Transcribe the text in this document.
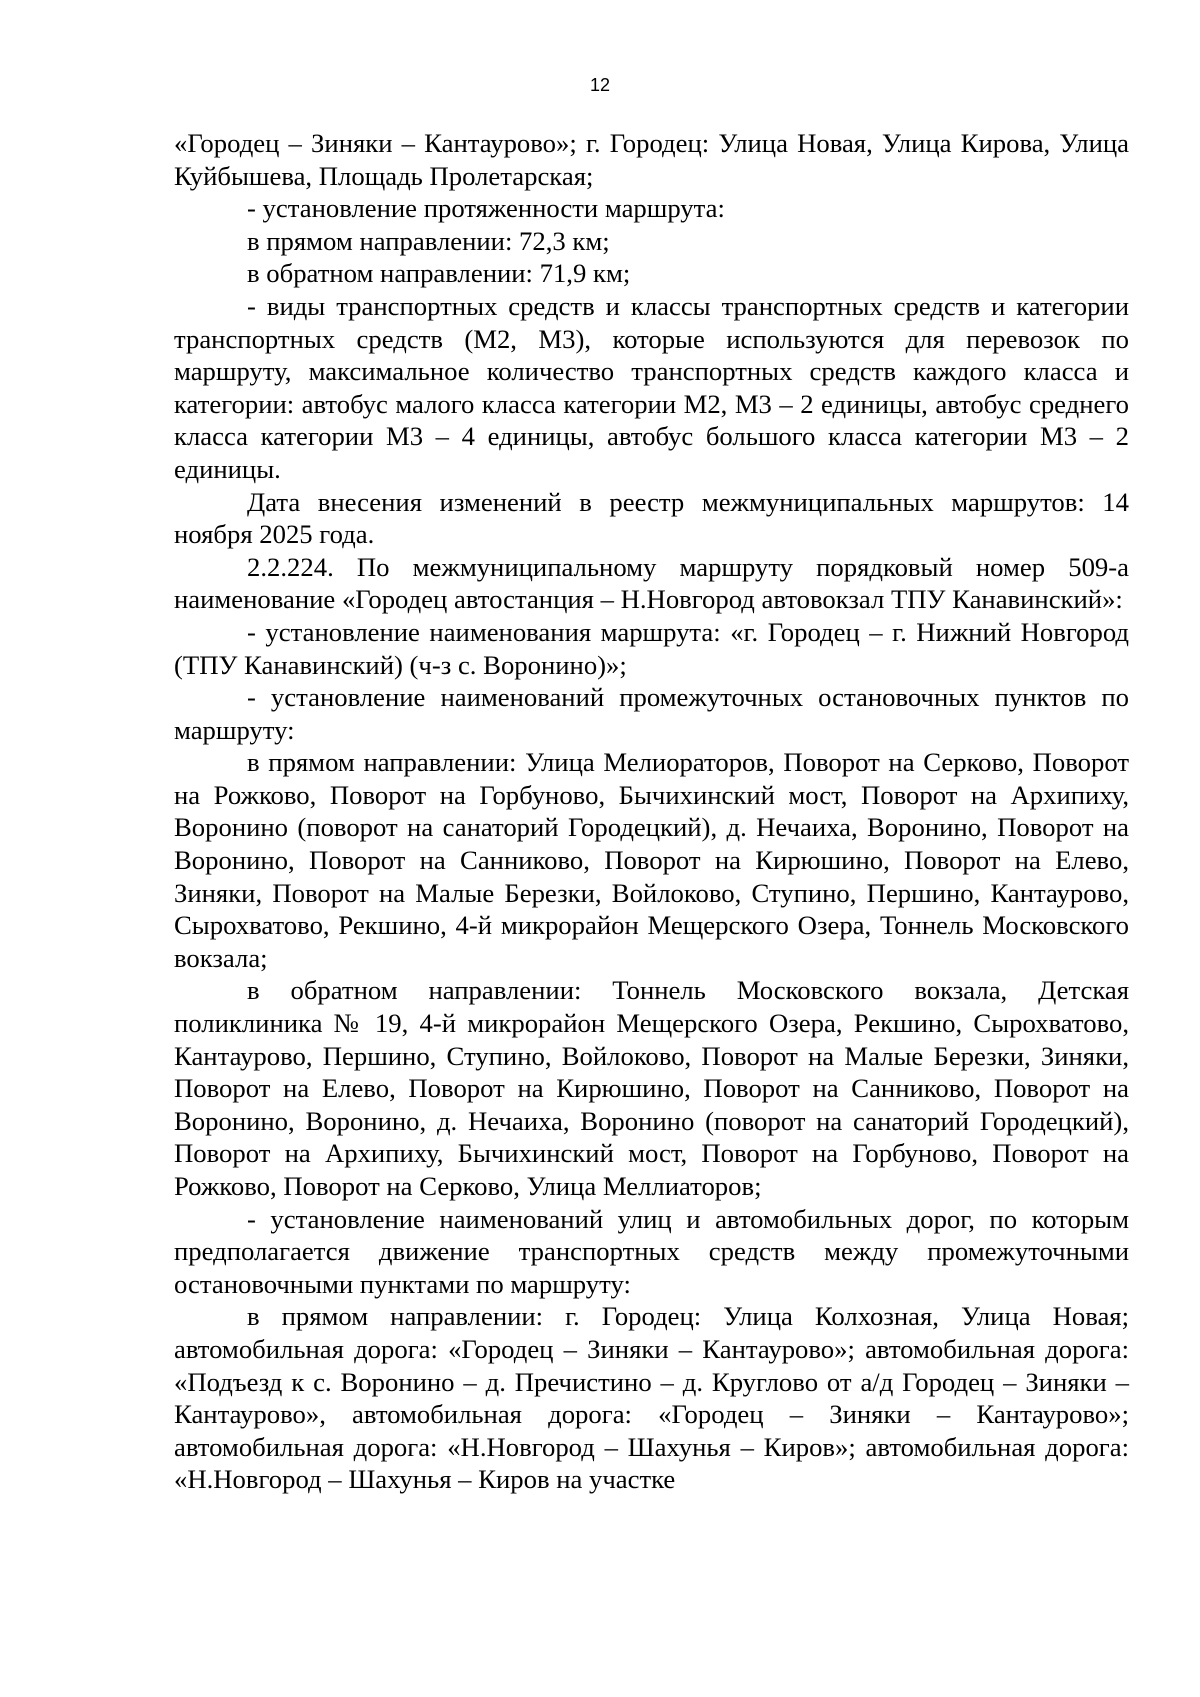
12

«Городец – Зиняки – Кантаурово»; г. Городец: Улица Новая, Улица Кирова, Улица Куйбышева, Площадь Пролетарская;

- установление протяженности маршрута:

в прямом направлении: 72,3 км;

в обратном направлении: 71,9 км;

- виды транспортных средств и классы транспортных средств и категории транспортных средств (М2, М3), которые используются для перевозок по маршруту, максимальное количество транспортных средств каждого класса и категории: автобус малого класса категории М2, М3 – 2 единицы, автобус среднего класса категории М3 – 4 единицы, автобус большого класса категории М3 – 2 единицы.

Дата внесения изменений в реестр межмуниципальных маршрутов: 14 ноября 2025 года.

2.2.224. По межмуниципальному маршруту порядковый номер 509-а наименование «Городец автостанция – Н.Новгород автовокзал ТПУ Канавинский»:

- установление наименования маршрута: «г. Городец – г. Нижний Новгород (ТПУ Канавинский) (ч-з с. Воронино)»;

- установление наименований промежуточных остановочных пунктов по маршруту:

в прямом направлении: Улица Мелиораторов, Поворот на Серково, Поворот на Рожково, Поворот на Горбуново, Бычихинский мост, Поворот на Архипиху, Воронино (поворот на санаторий Городецкий), д. Нечаиха, Воронино, Поворот на Воронино, Поворот на Санниково, Поворот на Кирюшино, Поворот на Елево, Зиняки, Поворот на Малые Березки, Войлоково, Ступино, Першино, Кантаурово, Сырохватово, Рекшино, 4-й микрорайон Мещерского Озера, Тоннель Московского вокзала;

в обратном направлении: Тоннель Московского вокзала, Детская поликлиника № 19, 4-й микрорайон Мещерского Озера, Рекшино, Сырохватово, Кантаурово, Першино, Ступино, Войлоково, Поворот на Малые Березки, Зиняки, Поворот на Елево, Поворот на Кирюшино, Поворот на Санниково, Поворот на Воронино, Воронино, д. Нечаиха, Воронино (поворот на санаторий Городецкий), Поворот на Архипиху, Бычихинский мост, Поворот на Горбуново, Поворот на Рожково, Поворот на Серково, Улица Меллиаторов;

- установление наименований улиц и автомобильных дорог, по которым предполагается движение транспортных средств между промежуточными остановочными пунктами по маршруту:

в прямом направлении: г. Городец: Улица Колхозная, Улица Новая; автомобильная дорога: «Городец – Зиняки – Кантаурово»; автомобильная дорога: «Подъезд к с. Воронино – д. Пречистино – д. Круглово от а/д Городец – Зиняки – Кантаурово», автомобильная дорога: «Городец – Зиняки – Кантаурово»; автомобильная дорога: «Н.Новгород – Шахунья – Киров»; автомобильная дорога: «Н.Новгород – Шахунья – Киров на участке
